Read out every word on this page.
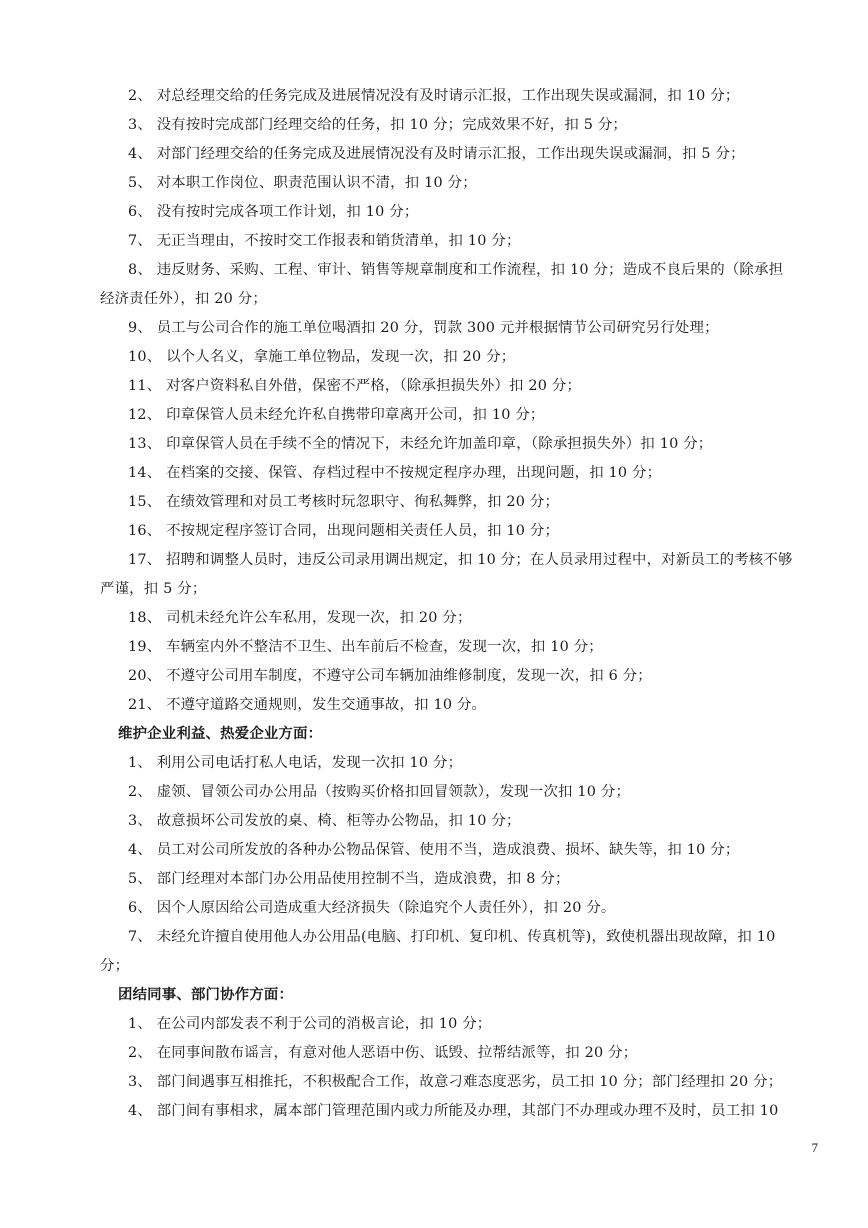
2、 对总经理交给的任务完成及进展情况没有及时请示汇报，工作出现失误或漏洞，扣 10 分；
3、 没有按时完成部门经理交给的任务，扣 10 分；完成效果不好，扣 5 分；
4、 对部门经理交给的任务完成及进展情况没有及时请示汇报，工作出现失误或漏洞，扣 5 分；
5、 对本职工作岗位、职责范围认识不清，扣 10 分；
6、 没有按时完成各项工作计划，扣 10 分；
7、 无正当理由，不按时交工作报表和销货清单，扣 10 分；
8、 违反财务、采购、工程、审计、销售等规章制度和工作流程，扣 10 分；造成不良后果的（除承担
经济责任外），扣 20 分；
9、 员工与公司合作的施工单位喝酒扣 20 分，罚款 300 元并根据情节公司研究另行处理；
10、 以个人名义，拿施工单位物品，发现一次，扣 20 分；
11、 对客户资料私自外借，保密不严格，（除承担损失外）扣 20 分；
12、 印章保管人员未经允许私自携带印章离开公司，扣 10 分；
13、 印章保管人员在手续不全的情况下，未经允许加盖印章，（除承担损失外）扣 10 分；
14、 在档案的交接、保管、存档过程中不按规定程序办理，出现问题，扣 10 分；
15、 在绩效管理和对员工考核时玩忽职守、徇私舞弊，扣 20 分；
16、 不按规定程序签订合同，出现问题相关责任人员，扣 10 分；
17、 招聘和调整人员时，违反公司录用调出规定，扣 10 分；在人员录用过程中，对新员工的考核不够
严谨，扣 5 分；
18、 司机未经允许公车私用，发现一次，扣 20 分；
19、 车辆室内外不整洁不卫生、出车前后不检查，发现一次，扣 10 分；
20、 不遵守公司用车制度，不遵守公司车辆加油维修制度，发现一次，扣 6 分；
21、 不遵守道路交通规则，发生交通事故，扣 10 分。
维护企业利益、热爱企业方面：
1、 利用公司电话打私人电话，发现一次扣 10 分；
2、 虚领、冒领公司办公用品（按购买价格扣回冒领款），发现一次扣 10 分；
3、 故意损坏公司发放的桌、椅、柜等办公物品，扣 10 分；
4、 员工对公司所发放的各种办公物品保管、使用不当，造成浪费、损坏、缺失等，扣 10 分；
5、 部门经理对本部门办公用品使用控制不当，造成浪费，扣 8 分；
6、 因个人原因给公司造成重大经济损失（除追究个人责任外），扣 20 分。
7、 未经允许擅自使用他人办公用品(电脑、打印机、复印机、传真机等)，致使机器出现故障，扣 10
分；
团结同事、部门协作方面：
1、 在公司内部发表不利于公司的消极言论，扣 10 分；
2、 在同事间散布谣言，有意对他人恶语中伤、诋毁、拉帮结派等，扣 20 分；
3、 部门间遇事互相推托，不积极配合工作，故意刁难态度恶劣，员工扣 10 分；部门经理扣 20 分；
4、 部门间有事相求，属本部门管理范围内或力所能及办理，其部门不办理或办理不及时，员工扣 10
7
